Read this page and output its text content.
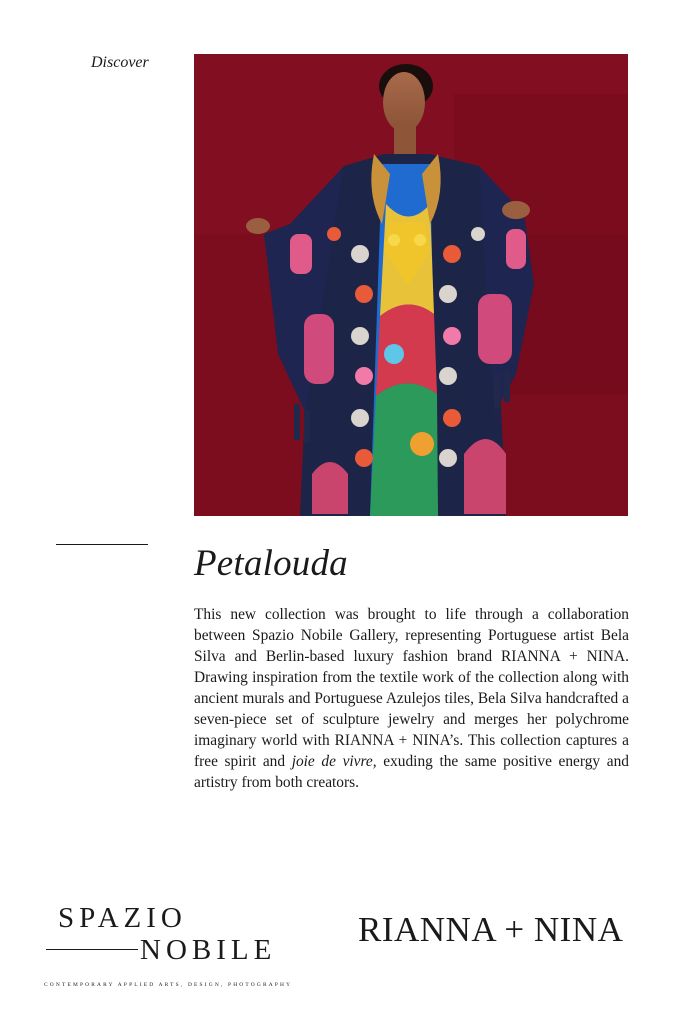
Discover
Petalouda
This new collection was brought to life through a collaboration between Spazio Nobile Gallery, representing Portuguese artist Bela Silva and Berlin-based luxury fashion brand RIANNA + NINA. Drawing inspiration from the textile work of the collection along with ancient murals and Portuguese Azulejos tiles, Bela Silva handcrafted a seven-piece set of sculpture jewelry and merges her polychrome imaginary world with RIANNA + NINA’s. This collection captures a free spirit and joie de vivre, exuding the same positive energy and artistry from both creators.
SPAZIO
NOBILE
CONTEMPORARY APPLIED ARTS, DESIGN, PHOTOGRAPHY
RIANNA + NINA
